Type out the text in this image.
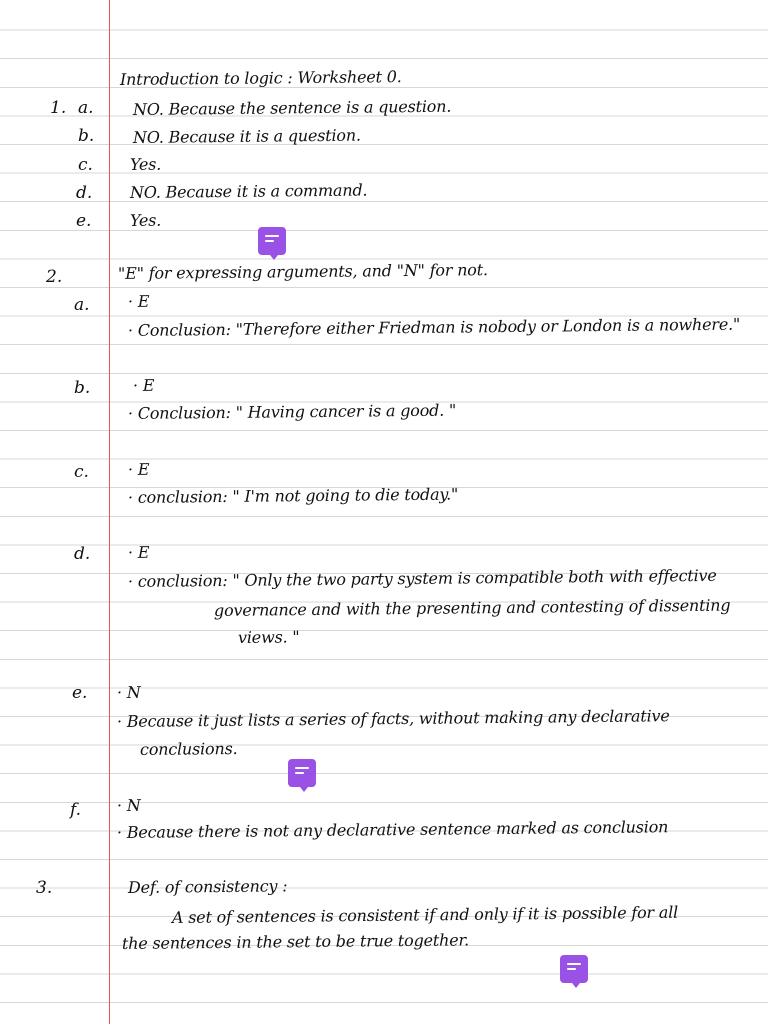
Introduction to logic : Worksheet 0.
1. a. NO. Because the sentence is a question.
b. NO. Because it is a question.
c. Yes.
d. NO. Because it is a command.
e. Yes.
2.	"E" for expressing arguments, and "N" for not.
a. · E
· Conclusion: "Therefore either Friedman is nobody or London is a nowhere."
b.	· E
· Conclusion: " Having cancer is a good. "
c. · E
· conclusion: " I'm not going to die today."
d. · E
· conclusion: " Only the two party system is compatible both with effective
governance and with the presenting and contesting of dissenting
views. "
e. · N
· Because it just lists a series of facts, without making any declarative
conclusions.
f. · N
· Because there is not any declarative sentence marked as conclusion
3.	Def. of consistency :
A set of sentences is consistent if and only if it is possible for all
the sentences in the set to be true together.
